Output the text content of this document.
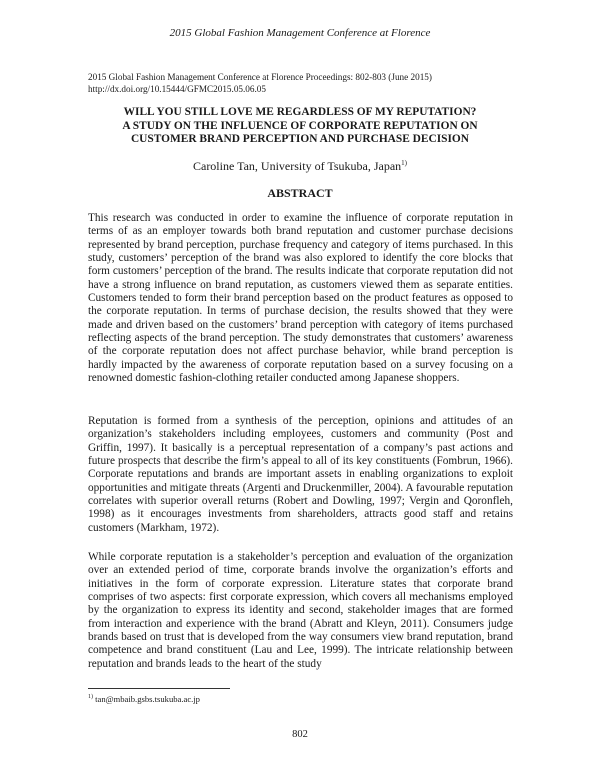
2015 Global Fashion Management Conference at Florence
2015 Global Fashion Management Conference at Florence Proceedings: 802-803 (June 2015)
http://dx.doi.org/10.15444/GFMC2015.05.06.05
WILL YOU STILL LOVE ME REGARDLESS OF MY REPUTATION?
A STUDY ON THE INFLUENCE OF CORPORATE REPUTATION ON
CUSTOMER BRAND PERCEPTION AND PURCHASE DECISION
Caroline Tan, University of Tsukuba, Japan$^{1)}$
ABSTRACT
This research was conducted in order to examine the influence of corporate reputation in terms of as an employer towards both brand reputation and customer purchase decisions represented by brand perception, purchase frequency and category of items purchased. In this study, customers’ perception of the brand was also explored to identify the core blocks that form customers’ perception of the brand. The results indicate that corporate reputation did not have a strong influence on brand reputation, as customers viewed them as separate entities. Customers tended to form their brand perception based on the product features as opposed to the corporate reputation. In terms of purchase decision, the results showed that they were made and driven based on the customers’ brand perception with category of items purchased reflecting aspects of the brand perception. The study demonstrates that customers’ awareness of the corporate reputation does not affect purchase behavior, while brand perception is hardly impacted by the awareness of corporate reputation based on a survey focusing on a renowned domestic fashion-clothing retailer conducted among Japanese shoppers.
Reputation is formed from a synthesis of the perception, opinions and attitudes of an organization’s stakeholders including employees, customers and community (Post and Griffin, 1997). It basically is a perceptual representation of a company’s past actions and future prospects that describe the firm’s appeal to all of its key constituents (Fombrun, 1966). Corporate reputations and brands are important assets in enabling organizations to exploit opportunities and mitigate threats (Argenti and Druckenmiller, 2004). A favourable reputation correlates with superior overall returns (Robert and Dowling, 1997; Vergin and Qoronfleh, 1998) as it encourages investments from shareholders, attracts good staff and retains customers (Markham, 1972).
While corporate reputation is a stakeholder’s perception and evaluation of the organization over an extended period of time, corporate brands involve the organization’s efforts and initiatives in the form of corporate expression. Literature states that corporate brand comprises of two aspects: first corporate expression, which covers all mechanisms employed by the organization to express its identity and second, stakeholder images that are formed from interaction and experience with the brand (Abratt and Kleyn, 2011). Consumers judge brands based on trust that is developed from the way consumers view brand reputation, brand competence and brand constituent (Lau and Lee, 1999). The intricate relationship between reputation and brands leads to the heart of the study
$^{1)}$ tan@mbaib.gsbs.tsukuba.ac.jp
802
